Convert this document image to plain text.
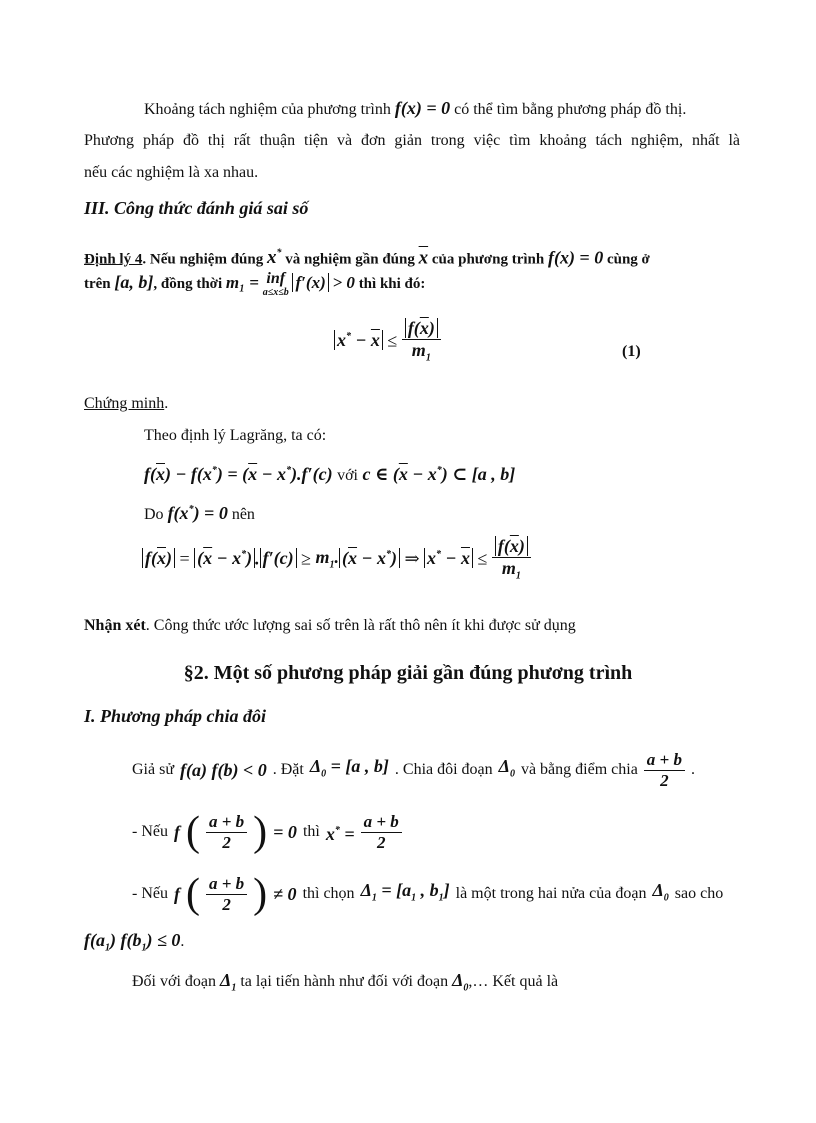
Khoảng tách nghiệm của phương trình f(x) = 0 có thể tìm bằng phương pháp đồ thị.
Phương pháp đồ thị rất thuận tiện và đơn giản trong việc tìm khoảng tách nghiệm, nhất là
nếu các nghiệm là xa nhau.
III. Công thức đánh giá sai số
Định lý 4. Nếu nghiệm đúng x* và nghiệm gần đúng $\overline{x}$ của phương trình f(x) = 0 cùng ở
trên [a, b], đồng thời m₁ = inf
a≤x≤b
f′(x) > 0 thì khi đó:
$x^* - \overline{x} \le \frac{f(\overline{x})}{m_1}$	(1)
Chứng minh.
Theo định lý Lagrăng, ta có:
$f(\overline{x}) - f(x^*) = (\overline{x} - x^*).f'(c)$ với c ∈ $(\overline{x} - x^*)$ ⊂ [a , b]
Do f(x*) = 0 nên
$f(\overline{x}) = (\overline{x} - x^*)$ . $f'(c) \ge m_1$. $(\overline{x} - x^*)$ ⇒ $x^* - \overline{x} \le \frac{f(\overline{x})}{m_1}$
Nhận xét. Công thức ước lượng sai số trên là rất thô nên ít khi được sử dụng
§2. Một số phương pháp giải gần đúng phương trình
I. Phương pháp chia đôi
Giả sử f(a) f(b) < 0 . Đặt $\Delta_0 = [a$ , b] . Chia đôi đoạn $\Delta_0$ và bằng điểm chia $\frac{a + b}{2}$ .
- Nếu f ( $\frac{a + b}{2}$ ) = 0 thì $x^* = \frac{a + b}{2}$
- Nếu f ( $\frac{a + b}{2}$ ) ≠ 0 thì chọn $\Delta_1 = [a_1$ , $b_1$] là một trong hai nửa của đoạn $\Delta_0$ sao cho
$f(a_1) f(b_1) \le 0$.
Đối với đoạn $\Delta_1$ ta lại tiến hành như đối với đoạn $\Delta_0,\dots$ Kết quả là
